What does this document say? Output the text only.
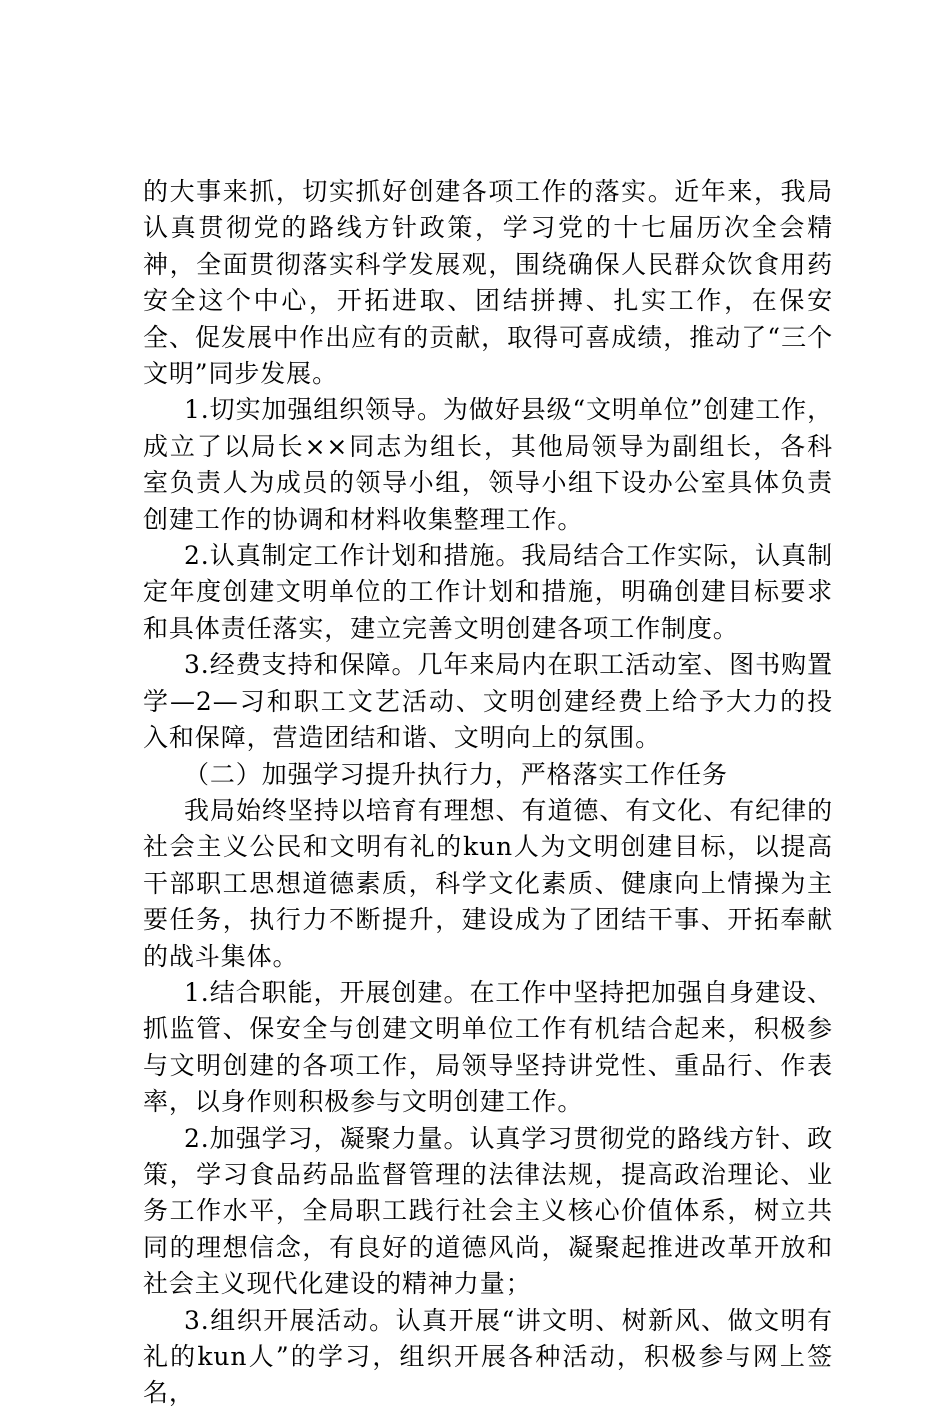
的大事来抓，切实抓好创建各项工作的落实。近年来，我局认真贯彻党的路线方针政策，学习党的十七届历次全会精神，全面贯彻落实科学发展观，围绕确保人民群众饮食用药安全这个中心，开拓进取、团结拼搏、扎实工作，在保安全、促发展中作出应有的贡献，取得可喜成绩，推动了“三个文明”同步发展。

1.切实加强组织领导。为做好县级“文明单位”创建工作，成立了以局长××同志为组长，其他局领导为副组长，各科室负责人为成员的领导小组，领导小组下设办公室具体负责创建工作的协调和材料收集整理工作。

2.认真制定工作计划和措施。我局结合工作实际，认真制定年度创建文明单位的工作计划和措施，明确创建目标要求和具体责任落实，建立完善文明创建各项工作制度。

3.经费支持和保障。几年来局内在职工活动室、图书购置学—2—习和职工文艺活动、文明创建经费上给予大力的投入和保障，营造团结和谐、文明向上的氛围。

（二）加强学习提升执行力，严格落实工作任务

我局始终坚持以培育有理想、有道德、有文化、有纪律的社会主义公民和文明有礼的kun人为文明创建目标，以提高干部职工思想道德素质，科学文化素质、健康向上情操为主要任务，执行力不断提升，建设成为了团结干事、开拓奉献的战斗集体。

1.结合职能，开展创建。在工作中坚持把加强自身建设、抓监管、保安全与创建文明单位工作有机结合起来，积极参与文明创建的各项工作，局领导坚持讲党性、重品行、作表率，以身作则积极参与文明创建工作。

2.加强学习，凝聚力量。认真学习贯彻党的路线方针、政策，学习食品药品监督管理的法律法规，提高政治理论、业务工作水平，全局职工践行社会主义核心价值体系，树立共同的理想信念，有良好的道德风尚，凝聚起推进改革开放和社会主义现代化建设的精神力量；

3.组织开展活动。认真开展“讲文明、树新风、做文明有礼的kun人”的学习，组织开展各种活动，积极参与网上签名，
